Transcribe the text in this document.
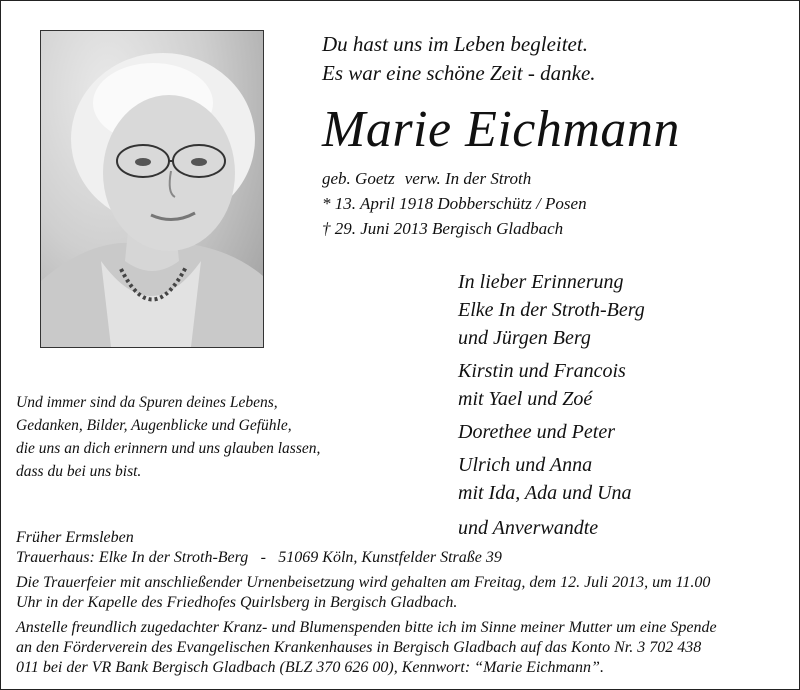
Du hast uns im Leben begleitet.
Es war eine schöne Zeit - danke.
Marie Eichmann
geb. Goetz verw. In der Stroth
* 13. April 1918 Dobberschütz / Posen
† 29. Juni 2013 Bergisch Gladbach
In lieber Erinnerung
Elke In der Stroth-Berg
und Jürgen Berg
Kirstin und Francois
mit Yael und Zoé
Dorethee und Peter
Ulrich und Anna
mit Ida, Ada und Una
und Anverwandte
Und immer sind da Spuren deines Lebens,
Gedanken, Bilder, Augenblicke und Gefühle,
die uns an dich erinnern und uns glauben lassen,
dass du bei uns bist.
Früher Ermsleben
Trauerhaus: Elke In der Stroth-Berg - 51069 Köln, Kunstfelder Straße 39
Die Trauerfeier mit anschließender Urnenbeisetzung wird gehalten am Freitag, dem 12. Juli 2013, um 11.00
Uhr in der Kapelle des Friedhofes Quirlsberg in Bergisch Gladbach.
Anstelle freundlich zugedachter Kranz- und Blumenspenden bitte ich im Sinne meiner Mutter um eine Spende
an den Förderverein des Evangelischen Krankenhauses in Bergisch Gladbach auf das Konto Nr. 3 702 438
011 bei der VR Bank Bergisch Gladbach (BLZ 370 626 00), Kennwort: “Marie Eichmann”.
